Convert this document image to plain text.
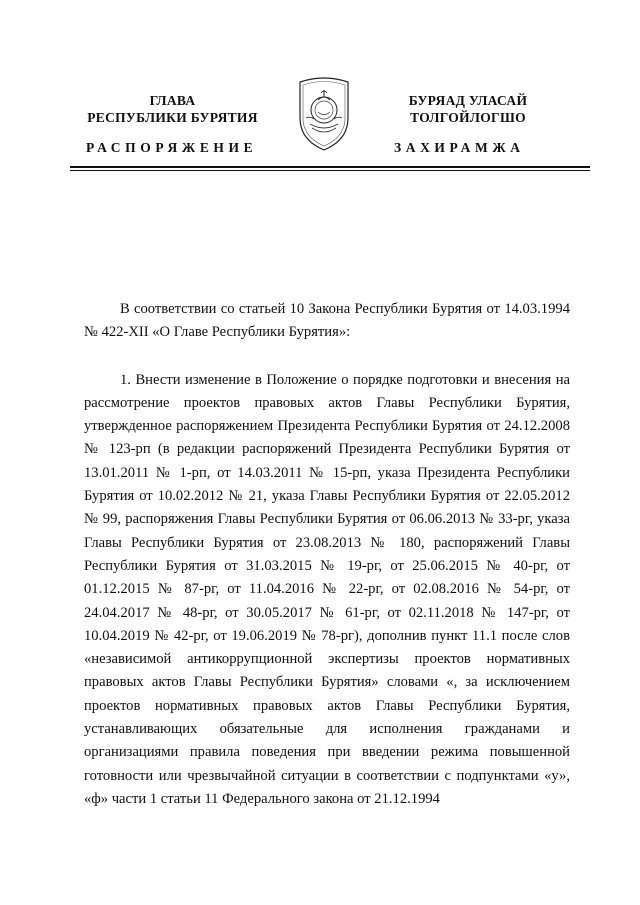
ГЛАВА
РЕСПУБЛИКИ БУРЯТИЯ
РАСПОРЯЖЕНИЕ
БУРЯАД УЛАСАЙ
ТОЛГОЙЛОГШО
ЗАХИРАМЖА

В соответствии со статьей 10 Закона Республики Бурятия от 14.03.1994 № 422-XII «О Главе Республики Бурятия»:

1. Внести изменение в Положение о порядке подготовки и внесения на рассмотрение проектов правовых актов Главы Республики Бурятия, утвержденное распоряжением Президента Республики Бурятия от 24.12.2008 № 123-рп (в редакции распоряжений Президента Республики Бурятия от 13.01.2011 № 1-рп, от 14.03.2011 № 15-рп, указа Президента Республики Бурятия от 10.02.2012 № 21, указа Главы Республики Бурятия от 22.05.2012 № 99, распоряжения Главы Республики Бурятия от 06.06.2013 № 33-рг, указа Главы Республики Бурятия от 23.08.2013 № 180, распоряжений Главы Республики Бурятия от 31.03.2015 № 19-рг, от 25.06.2015 № 40-рг, от 01.12.2015 № 87-рг, от 11.04.2016 № 22-рг, от 02.08.2016 № 54-рг, от 24.04.2017 № 48-рг, от 30.05.2017 № 61-рг, от 02.11.2018 № 147-рг, от 10.04.2019 № 42-рг, от 19.06.2019 № 78-рг), дополнив пункт 11.1 после слов «независимой антикоррупционной экспертизы проектов нормативных правовых актов Главы Республики Бурятия» словами «, за исключением проектов нормативных правовых актов Главы Республики Бурятия, устанавливающих обязательные для исполнения гражданами и организациями правила поведения при введении режима повышенной готовности или чрезвычайной ситуации в соответствии с подпунктами «у», «ф» части 1 статьи 11 Федерального закона от 21.12.1994
